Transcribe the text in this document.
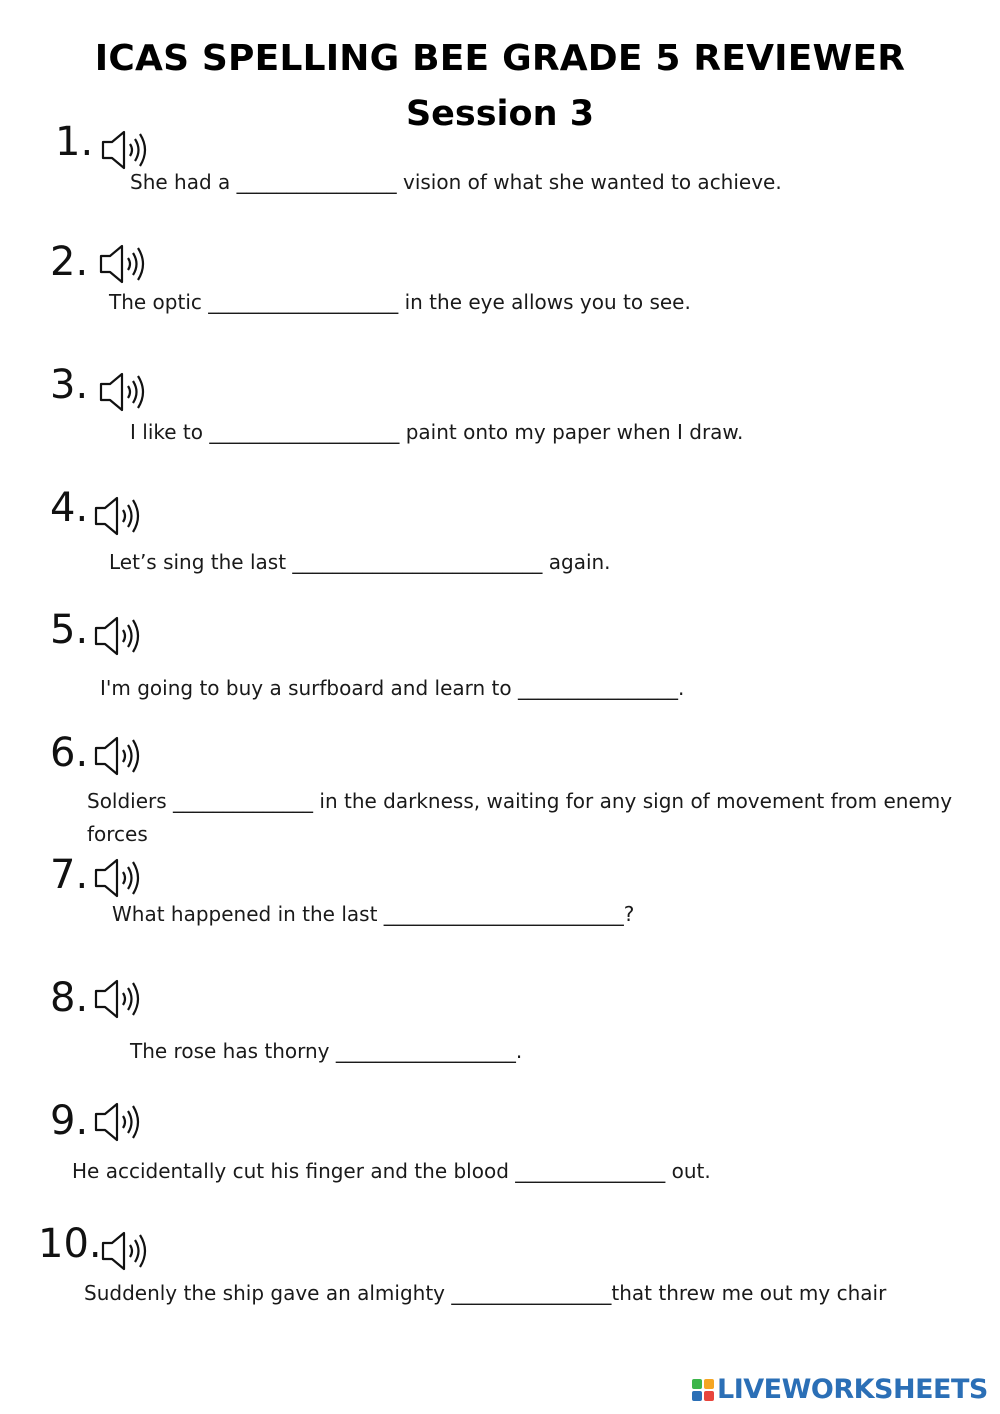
ICAS SPELLING BEE GRADE 5 REVIEWER
Session 3
1.
She had a ________________ vision of what she wanted to achieve.
2.
The optic ___________________ in the eye allows you to see.
3.
I like to ___________________ paint onto my paper when I draw.
4.
Let’s sing the last _________________________ again.
5.
I'm going to buy a surfboard and learn to ________________.
6.
Soldiers ______________ in the darkness, waiting for any sign of movement from enemy forces
7.
What happened in the last ________________________?
8.
The rose has thorny __________________.
9.
He accidentally cut his finger and the blood _______________ out.
10.
Suddenly the ship gave an almighty ________________that threw me out my chair
LIVEWORKSHEETS
